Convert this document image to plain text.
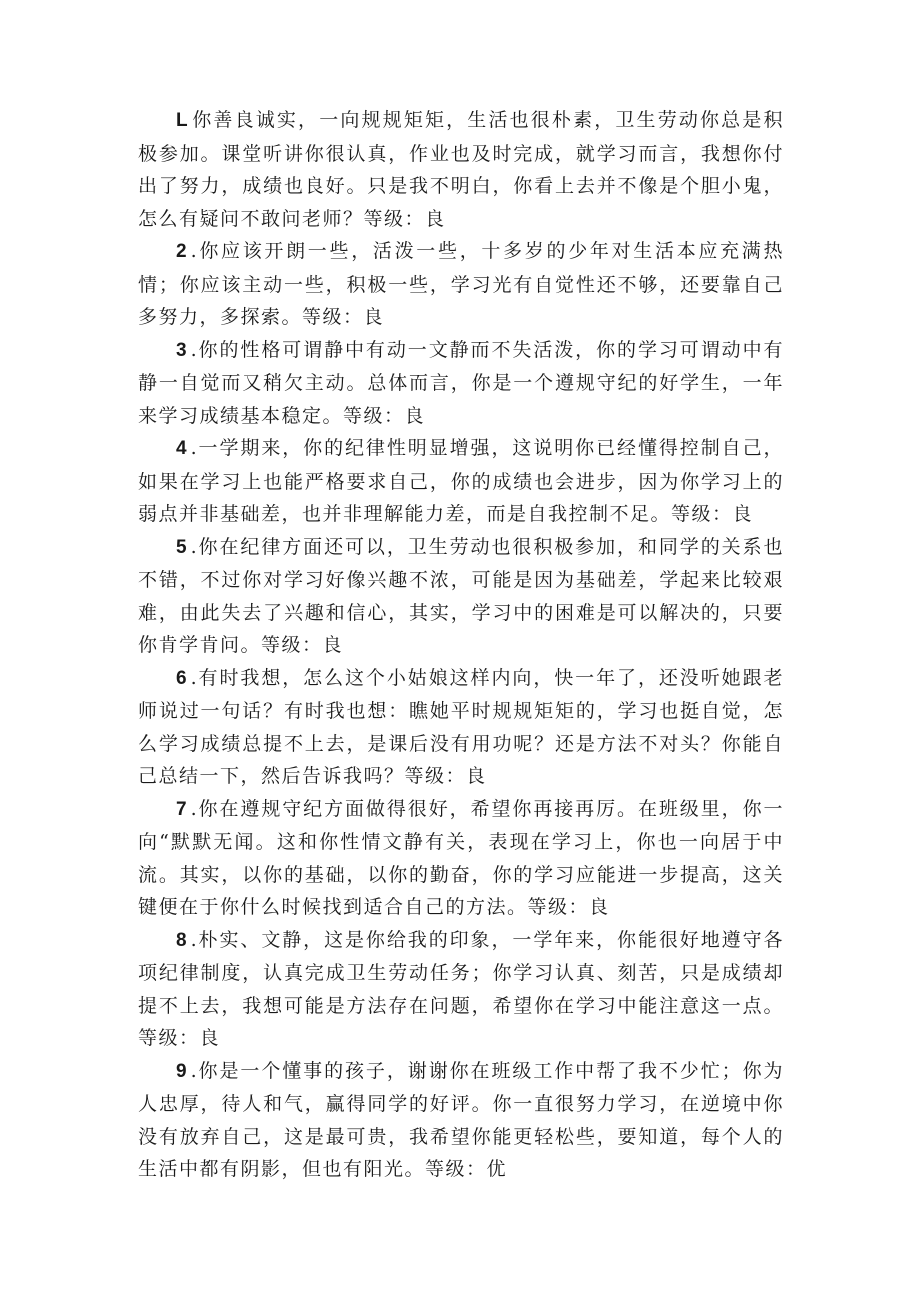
L 你善良诚实，一向规规矩矩，生活也很朴素，卫生劳动你总是积极参加。课堂听讲你很认真，作业也及时完成，就学习而言，我想你付出了努力，成绩也良好。只是我不明白，你看上去并不像是个胆小鬼，怎么有疑问不敢问老师？等级：良

2 .你应该开朗一些，活泼一些，十多岁的少年对生活本应充满热情；你应该主动一些，积极一些，学习光有自觉性还不够，还要靠自己多努力，多探索。等级：良

3 .你的性格可谓静中有动一文静而不失活泼，你的学习可谓动中有静一自觉而又稍欠主动。总体而言，你是一个遵规守纪的好学生，一年来学习成绩基本稳定。等级：良

4 .一学期来，你的纪律性明显增强，这说明你已经懂得控制自己，如果在学习上也能严格要求自己，你的成绩也会进步，因为你学习上的弱点并非基础差，也并非理解能力差，而是自我控制不足。等级：良

5 .你在纪律方面还可以，卫生劳动也很积极参加，和同学的关系也不错，不过你对学习好像兴趣不浓，可能是因为基础差，学起来比较艰难，由此失去了兴趣和信心，其实，学习中的困难是可以解决的，只要你肯学肯问。等级：良

6 .有时我想，怎么这个小姑娘这样内向，快一年了，还没听她跟老师说过一句话？有时我也想：瞧她平时规规矩矩的，学习也挺自觉，怎么学习成绩总提不上去，是课后没有用功呢？还是方法不对头？你能自己总结一下，然后告诉我吗？等级：良

7 .你在遵规守纪方面做得很好，希望你再接再厉。在班级里，你一向“默默无闻。这和你性情文静有关，表现在学习上，你也一向居于中流。其实，以你的基础，以你的勤奋，你的学习应能进一步提高，这关键便在于你什么时候找到适合自己的方法。等级：良

8 .朴实、文静，这是你给我的印象，一学年来，你能很好地遵守各项纪律制度，认真完成卫生劳动任务；你学习认真、刻苦，只是成绩却提不上去，我想可能是方法存在问题，希望你在学习中能注意这一点。等级：良

9 .你是一个懂事的孩子，谢谢你在班级工作中帮了我不少忙；你为人忠厚，待人和气，赢得同学的好评。你一直很努力学习，在逆境中你没有放弃自己，这是最可贵，我希望你能更轻松些，要知道，每个人的生活中都有阴影，但也有阳光。等级：优
